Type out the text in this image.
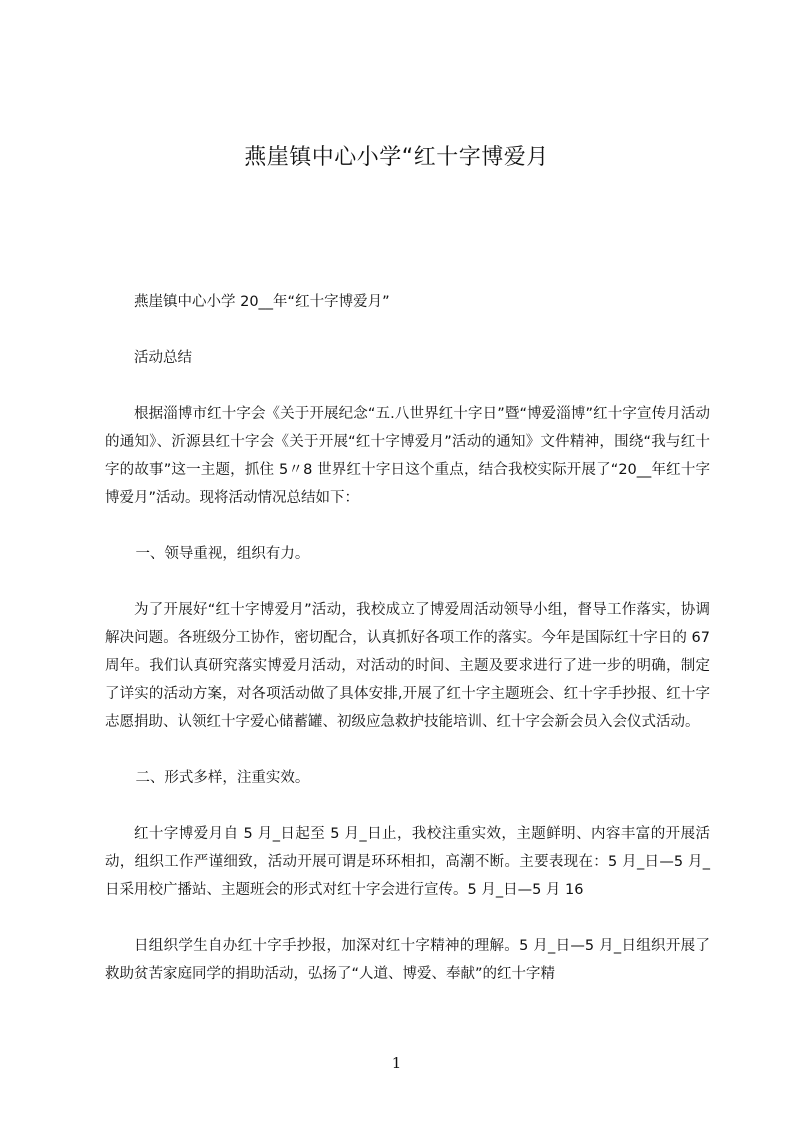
燕崖镇中心小学“红十字博爱月

燕崖镇中心小学 20__年“红十字博爱月”

活动总结

根据淄博市红十字会《关于开展纪念“五.八世界红十字日”暨“博爱淄博”红十字宣传月活动的通知》、沂源县红十字会《关于开展“红十字博爱月”活动的通知》文件精神，围绕“我与红十字的故事”这一主题，抓住 5〃8 世界红十字日这个重点，结合我校实际开展了“20__年红十字博爱月”活动。现将活动情况总结如下：

一、领导重视，组织有力。

为了开展好“红十字博爱月”活动，我校成立了博爱周活动领导小组，督导工作落实，协调解决问题。各班级分工协作，密切配合，认真抓好各项工作的落实。今年是国际红十字日的 67 周年。我们认真研究落实博爱月活动，对活动的时间、主题及要求进行了进一步的明确，制定了详实的活动方案，对各项活动做了具体安排,开展了红十字主题班会、红十字手抄报、红十字志愿捐助、认领红十字爱心储蓄罐、初级应急救护技能培训、红十字会新会员入会仪式活动。

二、形式多样，注重实效。

红十字博爱月自 5 月_日起至 5 月_日止，我校注重实效，主题鲜明、内容丰富的开展活动，组织工作严谨细致，活动开展可谓是环环相扣，高潮不断。主要表现在：5 月_日—5 月_日采用校广播站、主题班会的形式对红十字会进行宣传。5 月_日—5 月 16

日组织学生自办红十字手抄报，加深对红十字精神的理解。5 月_日—5 月_日组织开展了救助贫苦家庭同学的捐助活动，弘扬了“人道、博爱、奉献”的红十字精

1
